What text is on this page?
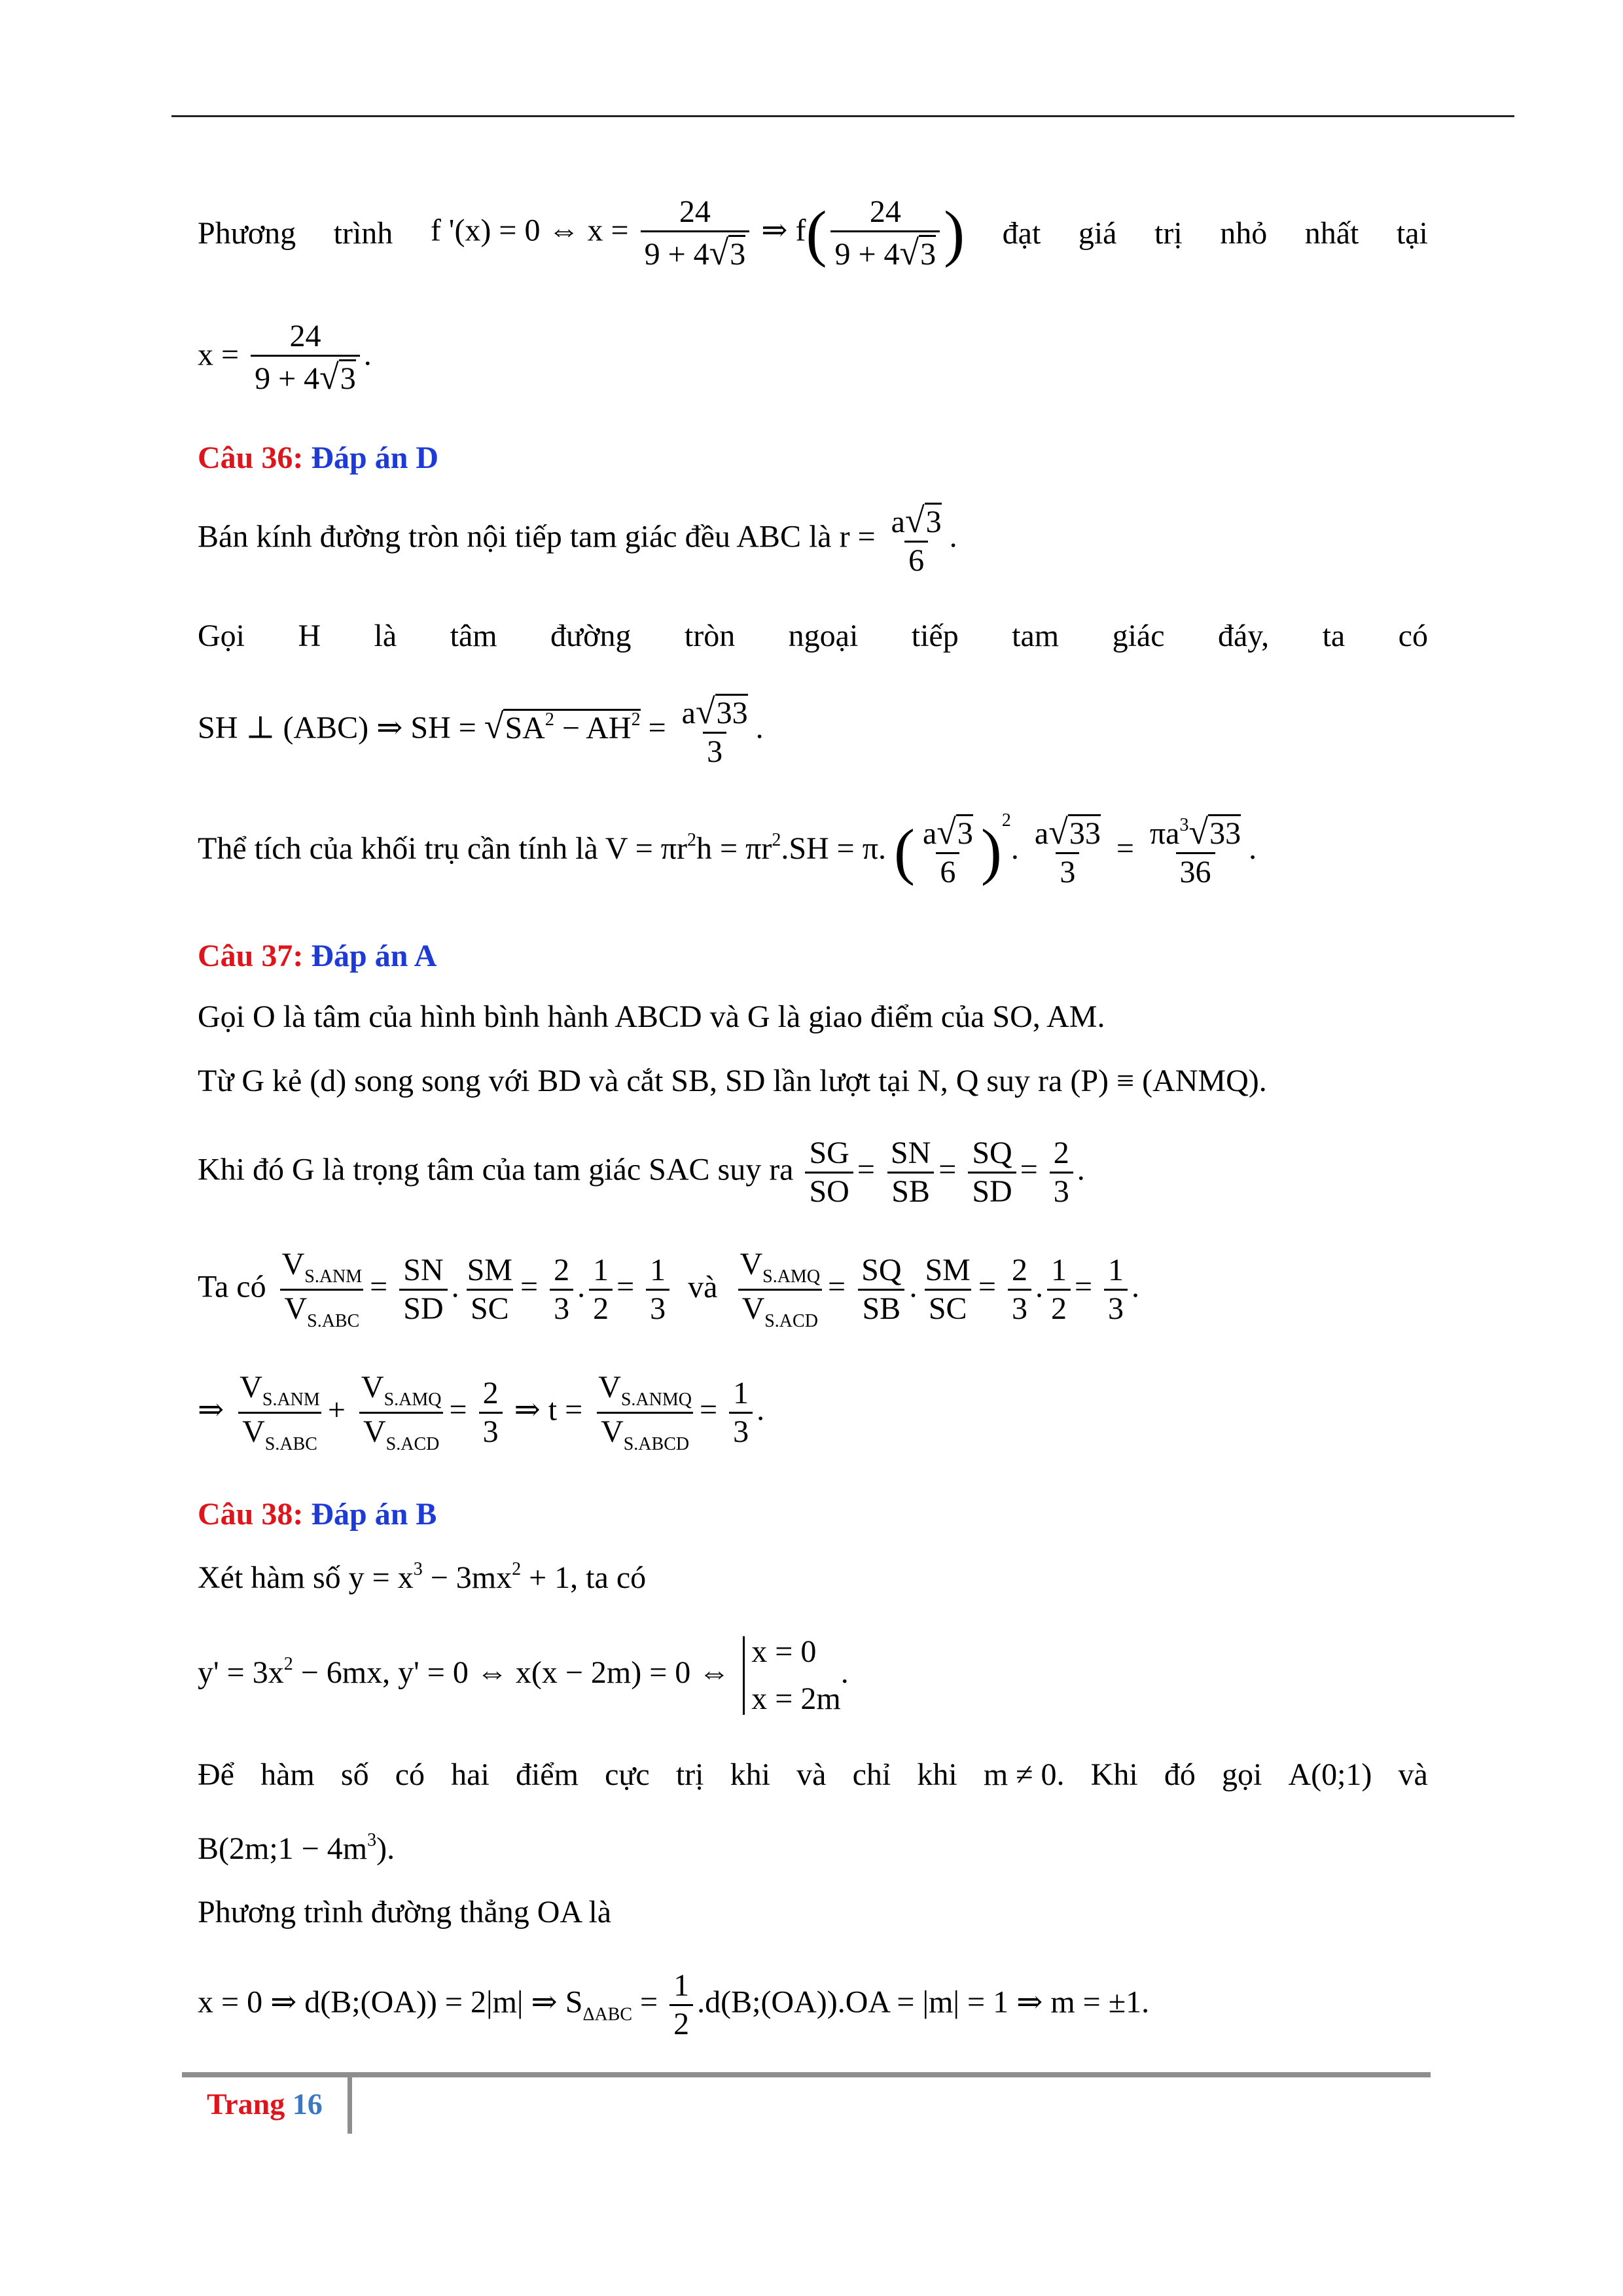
Phương trình f '(x) = 0 ⇔ $x = \frac{24}{9 + 4√3}$ ⇒ $f( \frac{24}{9 + 4√3}$ ) đạt giá trị nhỏ nhất tại
$x = \frac{24}{9 + 4√3}$ .
Câu 36: Đáp án D
Bán kính đường tròn nội tiếp tam giác đều ABC là $r = \frac{a√3}{6}$ .
Gọi H là tâm đường tròn ngoại tiếp tam giác đáy, ta có
SH ⊥ (ABC) ⇒ SH = $√SA^2 - AH^2 = \frac{a√33}{3}$ .
Thể tích của khối trụ cần tính là $V = \pi r^2h = \pi r^2.SH = \pi$. ( $\frac{a√3}{6} )^2$. $\frac{a√33}{3} = \frac{\pi a^3√33}{36}$ .
Câu 37: Đáp án A
Gọi O là tâm của hình bình hành ABCD và G là giao điểm của SO, AM.
Từ G kẻ (d) song song với BD và cắt SB, SD lần lượt tại N, Q suy ra (P) ≡ (ANMQ).
Khi đó G là trọng tâm của tam giác SAC suy ra $\frac{SG}{SO} = \frac{SN}{SB} = \frac{SQ}{SD} = \frac{2}{3}$ .
Ta có $\frac{V_{S.ANM}}{V_{S.ABC}} = \frac{SN}{SD}$ . $\frac{SM}{SC} = \frac{2}{3}$ . $\frac{1}{2} = \frac{1}{3}$ và $\frac{V_{S.AMQ}}{V_{S.ACD}} = \frac{SQ}{SB}$ . $\frac{SM}{SC} = \frac{2}{3}$ . $\frac{1}{2} = \frac{1}{3}$ .
⇒ $\frac{V_{S.ANM}}{V_{S.ABC}} + \frac{V_{S.AMQ}}{V_{S.ACD}} = \frac{2}{3}$ ⇒ $t = \frac{V_{S.ANMQ}}{V_{S.ABCD}} = \frac{1}{3}$ .
Câu 38: Đáp án B
Xét hàm số $y = x^3 - 3mx^2 + 1$, ta có
$y' = 3x^2 - 6mx$, y' = 0 ⇔ x(x − 2m) = 0 ⇔
x = 0
x = 2m
.
Để hàm số có hai điểm cực trị khi và chỉ khi m ≠ 0. Khi đó gọi A(0;1) và
B(2m;1 − $4m^3$).
Phương trình đường thẳng OA là
x = 0 ⇒ d(B;(OA)) = 2|m| ⇒ $S_{\Delta ABC} = \frac{1}{2}$ .d(B;(OA)).OA = |m| = 1 ⇒ m = ±1.
Trang 16
